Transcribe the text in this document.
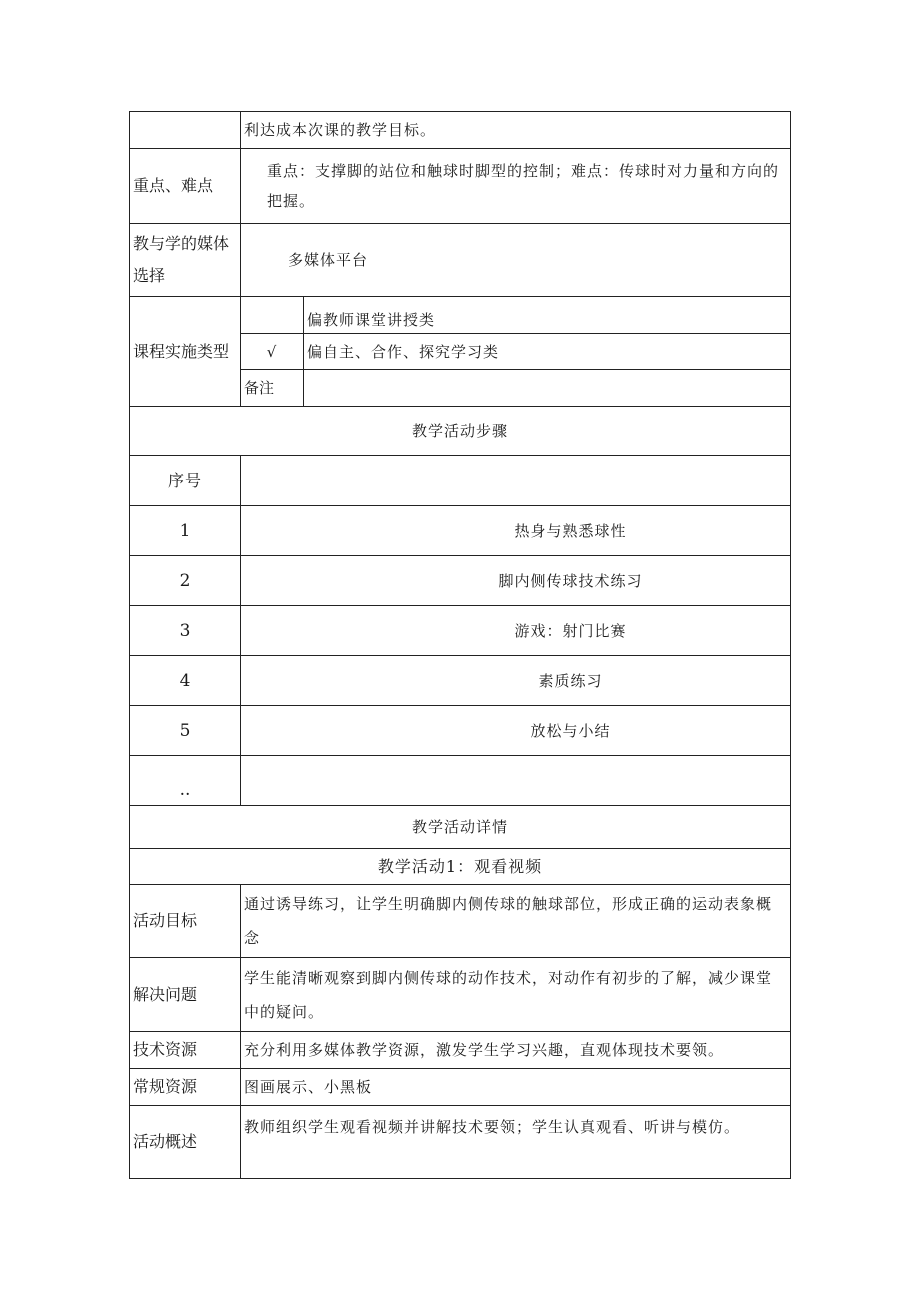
	利达成本次课的教学目标。	
重点、难点	重点：支撑脚的站位和触球时脚型的控制；难点：传球时对力量和方向的把握。	
教与学的媒体选择	多媒体平台	
课程实施类型		偏教师课堂讲授类
	√	偏自主、合作、探究学习类
	备注	
教学活动步骤		
序号		
1	热身与熟悉球性	
2	脚内侧传球技术练习	
3	游戏：射门比赛	
4	素质练习	
5	放松与小结	
..		
教学活动详情		
教学活动1：观看视频		
活动目标	通过诱导练习，让学生明确脚内侧传球的触球部位，形成正确的运动表象概念	
解决问题	学生能清晰观察到脚内侧传球的动作技术，对动作有初步的了解，减少课堂中的疑问。	
技术资源	充分利用多媒体教学资源，激发学生学习兴趣，直观体现技术要领。	
常规资源	图画展示、小黑板	
活动概述	教师组织学生观看视频并讲解技术要领；学生认真观看、听讲与模仿。	
